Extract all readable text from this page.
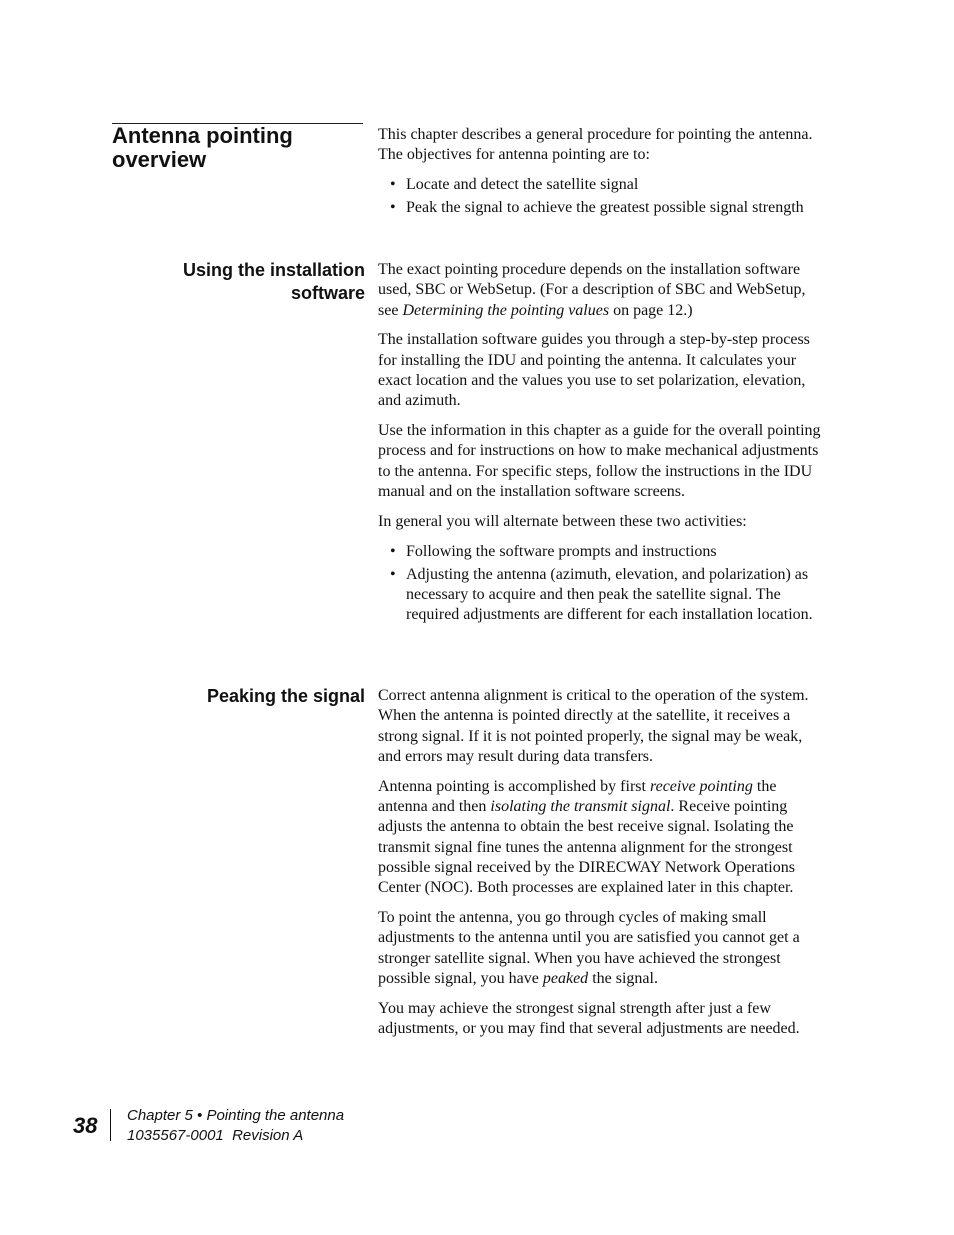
Antenna pointing overview

This chapter describes a general procedure for pointing the antenna. The objectives for antenna pointing are to:

• Locate and detect the satellite signal
• Peak the signal to achieve the greatest possible signal strength
Using the installation
software

The exact pointing procedure depends on the installation software used, SBC or WebSetup. (For a description of SBC and WebSetup, see Determining the pointing values on page 12.)

The installation software guides you through a step-by-step process for installing the IDU and pointing the antenna. It calculates your exact location and the values you use to set polarization, elevation, and azimuth.

Use the information in this chapter as a guide for the overall pointing process and for instructions on how to make mechanical adjustments to the antenna. For specific steps, follow the instructions in the IDU manual and on the installation software screens.

In general you will alternate between these two activities:

• Following the software prompts and instructions
• Adjusting the antenna (azimuth, elevation, and polarization) as necessary to acquire and then peak the satellite signal. The required adjustments are different for each installation location.
Peaking the signal Correct antenna alignment is critical to the operation of the system. When the antenna is pointed directly at the satellite, it receives a strong signal. If it is not pointed properly, the signal may be weak, and errors may result during data transfers.

Antenna pointing is accomplished by first receive pointing the antenna and then isolating the transmit signal. Receive pointing adjusts the antenna to obtain the best receive signal. Isolating the transmit signal fine tunes the antenna alignment for the strongest possible signal received by the DIRECWAY Network Operations Center (NOC). Both processes are explained later in this chapter.

To point the antenna, you go through cycles of making small adjustments to the antenna until you are satisfied you cannot get a stronger satellite signal. When you have achieved the strongest possible signal, you have peaked the signal.

You may achieve the strongest signal strength after just a few adjustments, or you may find that several adjustments are needed.

38 Chapter 5 • Pointing the antenna
1035567-0001  Revision A
